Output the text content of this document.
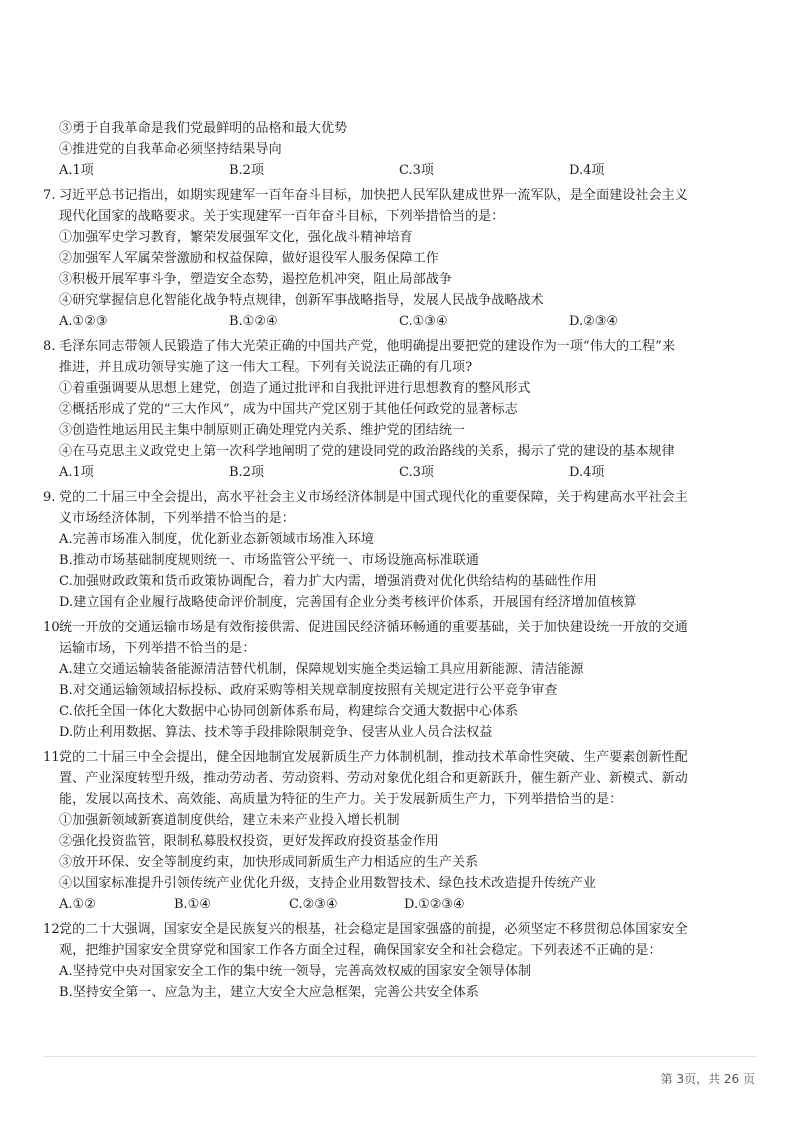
③勇于自我革命是我们党最鲜明的品格和最大优势
④推进党的自我革命必须坚持结果导向
A.1项	B.2项	C.3项	D.4项
7. 习近平总书记指出，如期实现建军一百年奋斗目标，加快把人民军队建成世界一流军队，是全面建设社会主义
现代化国家的战略要求。关于实现建军一百年奋斗目标，下列举措恰当的是：
①加强军史学习教育，繁荣发展强军文化，强化战斗精神培育
②加强军人军属荣誉激励和权益保障，做好退役军人服务保障工作
③积极开展军事斗争，塑造安全态势，遏控危机冲突，阻止局部战争
④研究掌握信息化智能化战争特点规律，创新军事战略指导，发展人民战争战略战术
A.①②③	B.①②④	C.①③④	D.②③④
8. 毛泽东同志带领人民锻造了伟大光荣正确的中国共产党，他明确提出要把党的建设作为一项“伟大的工程”来
推进，并且成功领导实施了这一伟大工程。下列有关说法正确的有几项?
①着重强调要从思想上建党，创造了通过批评和自我批评进行思想教育的整风形式
②概括形成了党的“三大作风”，成为中国共产党区别于其他任何政党的显著标志
③创造性地运用民主集中制原则正确处理党内关系、维护党的团结统一
④在马克思主义政党史上第一次科学地阐明了党的建设同党的政治路线的关系，揭示了党的建设的基本规律
A.1项	B.2项	C.3项	D.4项
9. 党的二十届三中全会提出，高水平社会主义市场经济体制是中国式现代化的重要保障，关于构建高水平社会主
义市场经济体制，下列举措不恰当的是：
A.完善市场准入制度，优化新业态新领域市场准入环境
B.推动市场基础制度规则统一、市场监管公平统一、市场设施高标准联通
C.加强财政政策和货币政策协调配合，着力扩大内需，增强消费对优化供给结构的基础性作用
D.建立国有企业履行战略使命评价制度，完善国有企业分类考核评价体系，开展国有经济增加值核算
10.
统一开放的交通运输市场是有效衔接供需、促进国民经济循环畅通的重要基础，关于加快建设统一开放的交通
运输市场，下列举措不恰当的是：
A.建立交通运输装备能源清洁替代机制，保障规划实施全类运输工具应用新能源、清洁能源
B.对交通运输领域招标投标、政府采购等相关规章制度按照有关规定进行公平竞争审查
C.依托全国一体化大数据中心协同创新体系布局，构建综合交通大数据中心体系
D.防止利用数据、算法、技术等手段排除限制竞争、侵害从业人员合法权益
11.
党的二十届三中全会提出，健全因地制宜发展新质生产力体制机制，推动技术革命性突破、生产要素创新性配
置、产业深度转型升级，推动劳动者、劳动资料、劳动对象优化组合和更新跃升，催生新产业、新模式、新动
能，发展以高技术、高效能、高质量为特征的生产力。关于发展新质生产力，下列举措恰当的是：
①加强新领域新赛道制度供给，建立未来产业投入增长机制
②强化投资监管，限制私募股权投资，更好发挥政府投资基金作用
③放开环保、安全等制度约束，加快形成同新质生产力相适应的生产关系
④以国家标准提升引领传统产业优化升级，支持企业用数智技术、绿色技术改造提升传统产业
A.①②	B.①④	C.②③④	D.①②③④
12.
党的二十大强调，国家安全是民族复兴的根基，社会稳定是国家强盛的前提，必须坚定不移贯彻总体国家安全
观，把维护国家安全贯穿党和国家工作各方面全过程，确保国家安全和社会稳定。下列表述不正确的是：
A.坚持党中央对国家安全工作的集中统一领导，完善高效权威的国家安全领导体制
B.坚持安全第一、应急为主，建立大安全大应急框架，完善公共安全体系
第 3页，共 26 页
